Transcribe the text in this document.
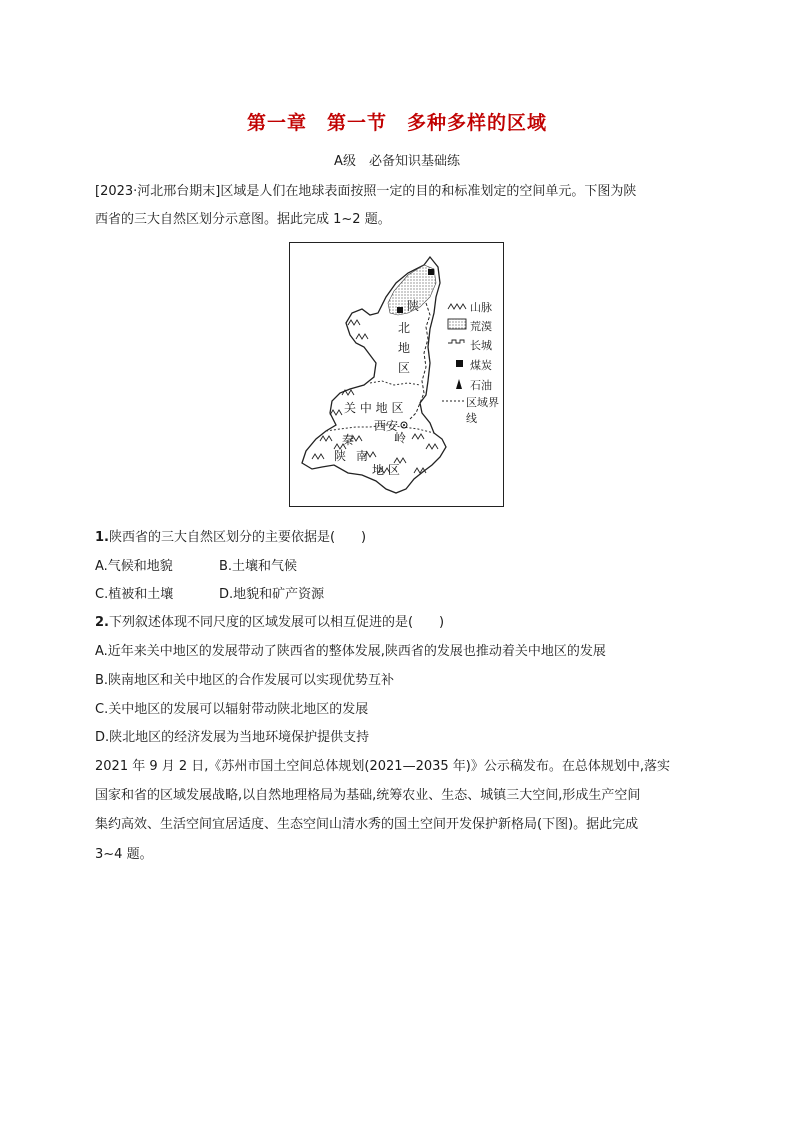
第一章　第一节　多种多样的区域
A级　必备知识基础练
[2023·河北邢台期末]区域是人们在地球表面按照一定的目的和标准划定的空间单元。下图为陕
西省的三大自然区划分示意图。据此完成 1~2 题。
陕
北
地
区
关 中 地 区
西安
秦	岭
陕 南
地 区
山脉
荒漠
长城
煤炭
石油
区域界线
1.陕西省的三大自然区划分的主要依据是(　　)
A.气候和地貌	B.土壤和气候
C.植被和土壤	D.地貌和矿产资源
2.下列叙述体现不同尺度的区域发展可以相互促进的是(　　)
A.近年来关中地区的发展带动了陕西省的整体发展,陕西省的发展也推动着关中地区的发展
B.陕南地区和关中地区的合作发展可以实现优势互补
C.关中地区的发展可以辐射带动陕北地区的发展
D.陕北地区的经济发展为当地环境保护提供支持
2021 年 9 月 2 日,《苏州市国土空间总体规划(2021—2035 年)》公示稿发布。在总体规划中,落实
国家和省的区域发展战略,以自然地理格局为基础,统筹农业、生态、城镇三大空间,形成生产空间
集约高效、生活空间宜居适度、生态空间山清水秀的国土空间开发保护新格局(下图)。据此完成
3~4 题。
